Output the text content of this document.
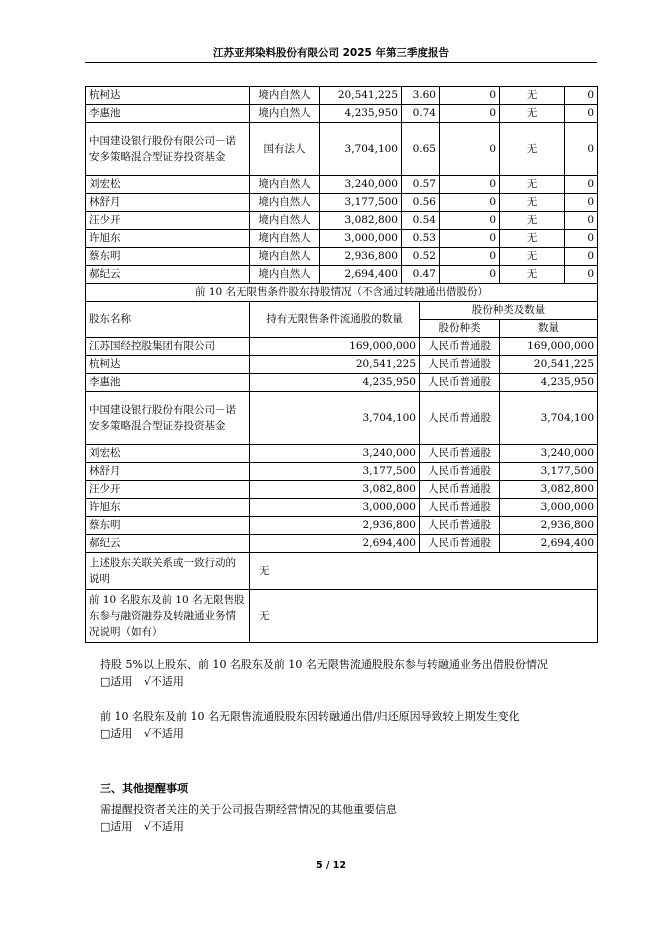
江苏亚邦染料股份有限公司 2025 年第三季度报告
杭柯达	境内自然人	20,541,225	3.60	0	无	0
李惠池	境内自然人	4,235,950	0.74	0	无	0
中国建设银行股份有限公司－诺安多策略混合型证券投资基金	国有法人	3,704,100	0.65	0	无	0
刘宏松	境内自然人	3,240,000	0.57	0	无	0
林舒月	境内自然人	3,177,500	0.56	0	无	0
汪少开	境内自然人	3,082,800	0.54	0	无	0
许旭东	境内自然人	3,000,000	0.53	0	无	0
蔡东明	境内自然人	2,936,800	0.52	0	无	0
郝纪云	境内自然人	2,694,400	0.47	0	无	0
前 10 名无限售条件股东持股情况（不含通过转融通出借股份）			
股东名称	持有无限售条件流通股的数量	股份种类及数量	
		股份种类	数量
江苏国经控股集团有限公司	169,000,000	人民币普通股	169,000,000
杭柯达	20,541,225	人民币普通股	20,541,225
李惠池	4,235,950	人民币普通股	4,235,950
中国建设银行股份有限公司－诺安多策略混合型证券投资基金	3,704,100	人民币普通股	3,704,100
刘宏松	3,240,000	人民币普通股	3,240,000
林舒月	3,177,500	人民币普通股	3,177,500
汪少开	3,082,800	人民币普通股	3,082,800
许旭东	3,000,000	人民币普通股	3,000,000
蔡东明	2,936,800	人民币普通股	2,936,800
郝纪云	2,694,400	人民币普通股	2,694,400
上述股东关联关系或一致行动的说明	无		
前 10 名股东及前 10 名无限售股东参与融资融券及转融通业务情况说明（如有）	无		
持股 5%以上股东、前 10 名股东及前 10 名无限售流通股股东参与转融通业务出借股份情况
□适用 √不适用
前 10 名股东及前 10 名无限售流通股股东因转融通出借/归还原因导致较上期发生变化
□适用 √不适用
三、其他提醒事项
需提醒投资者关注的关于公司报告期经营情况的其他重要信息
□适用 √不适用
5 / 12
